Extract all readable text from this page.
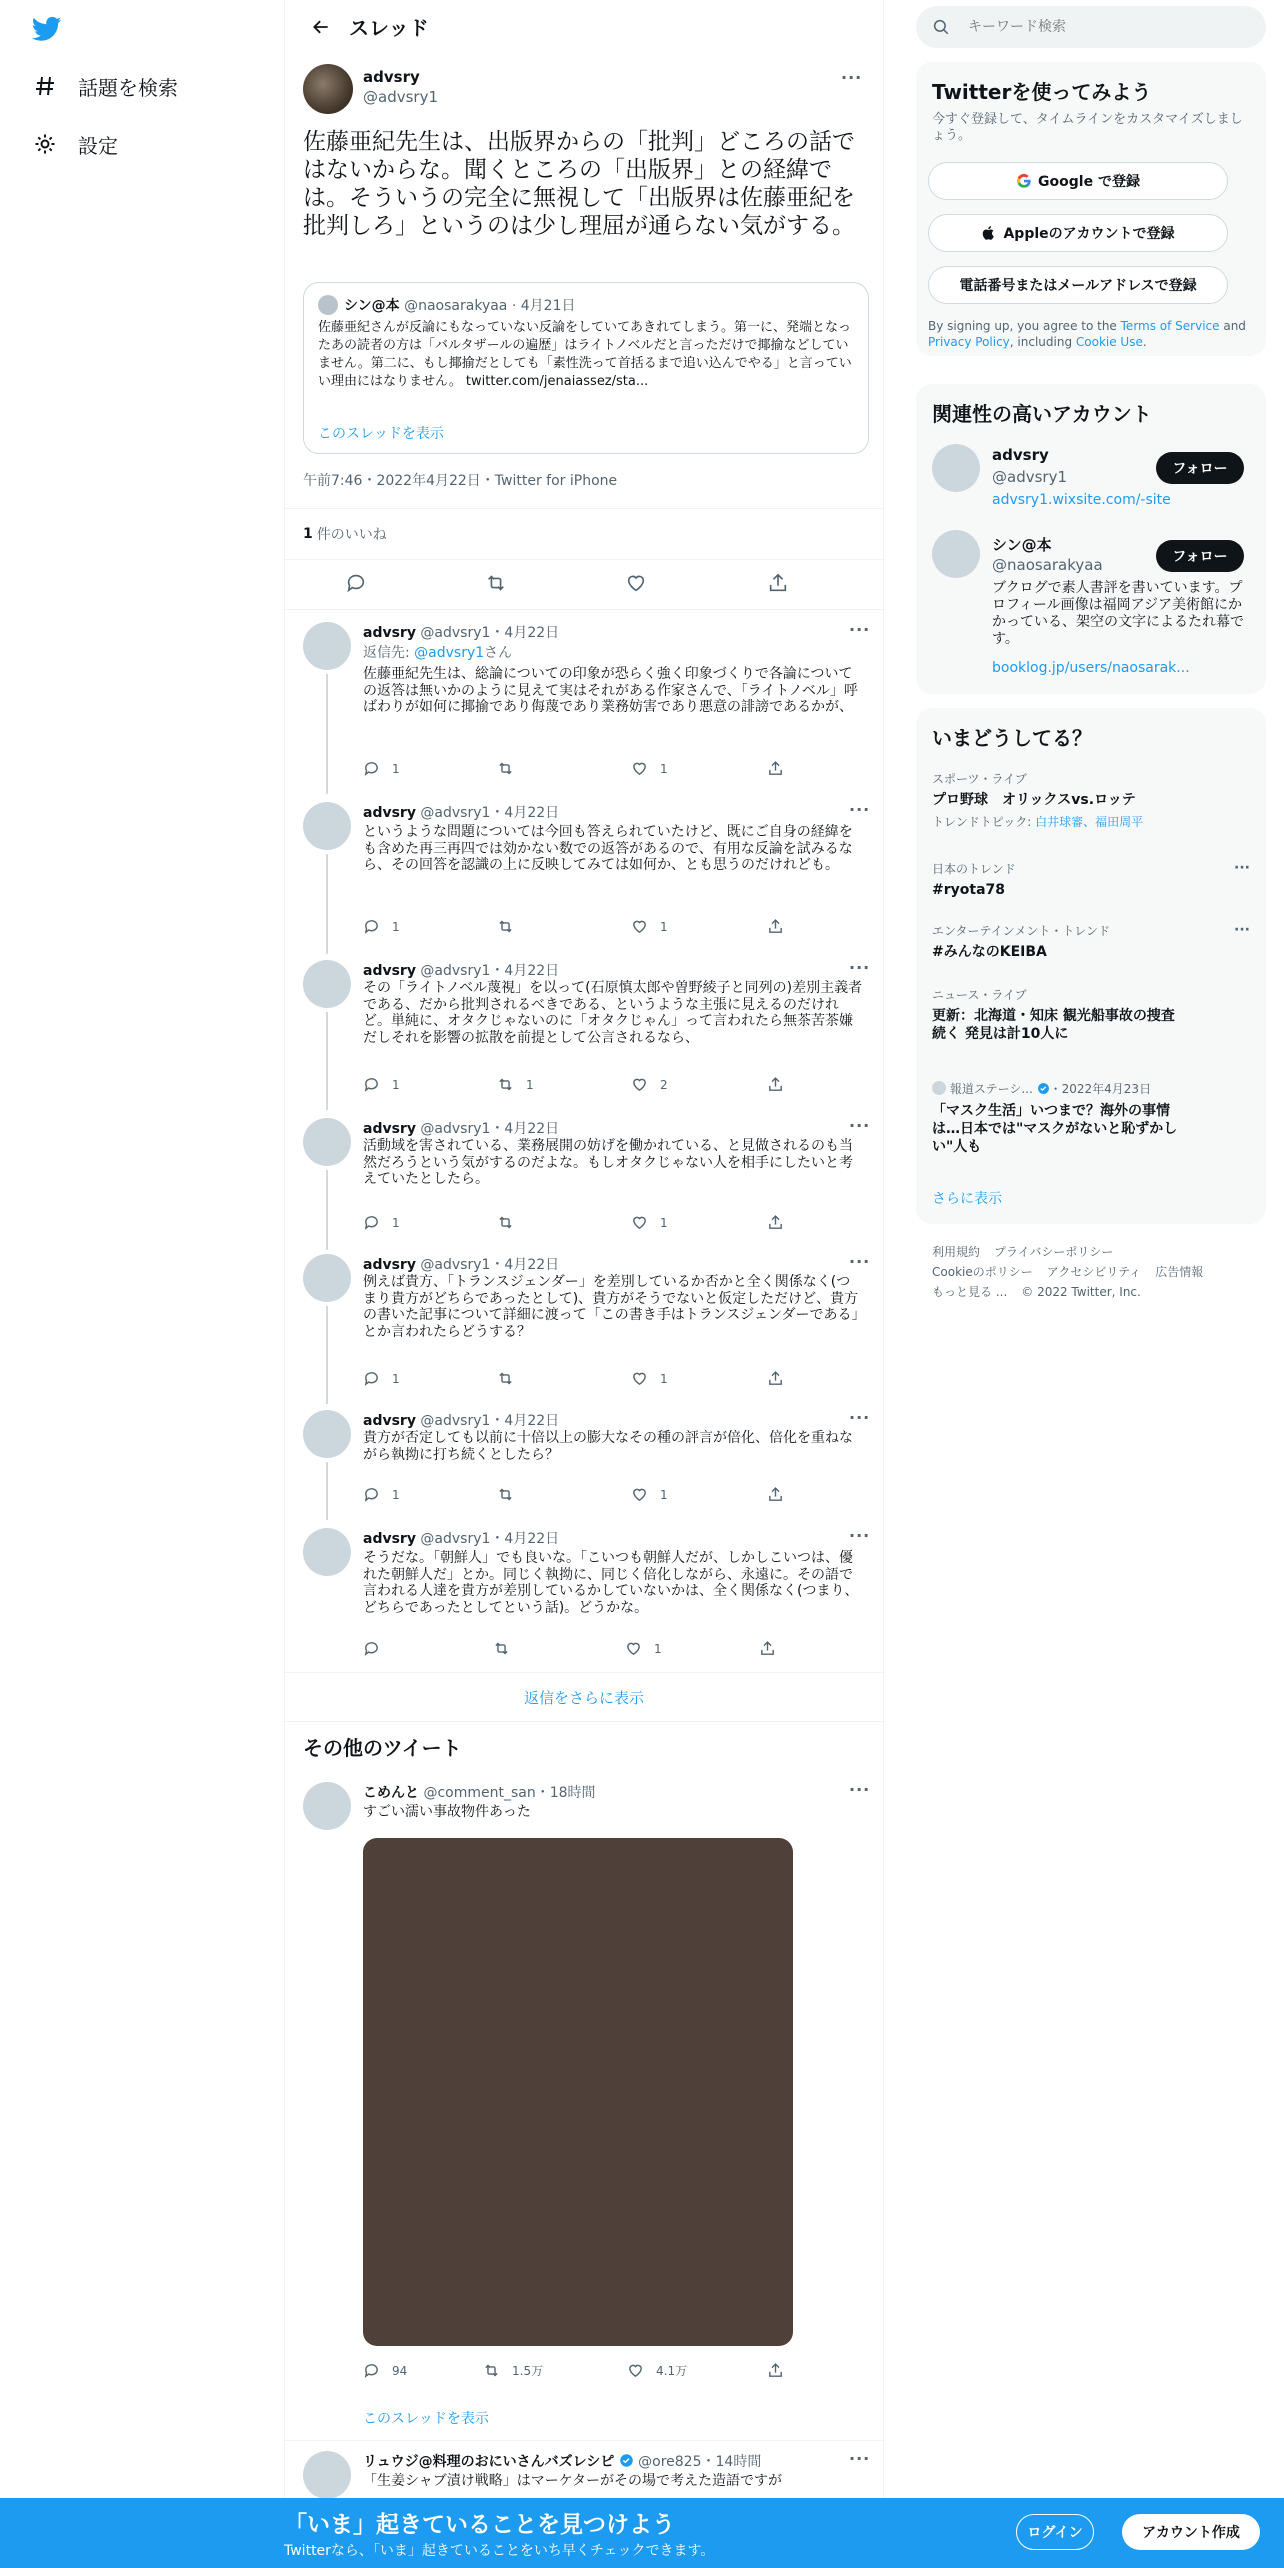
話題を検索
設定
スレッド
advsry
@advsry1
···
佐藤亜紀先生は、出版界からの「批判」どころの話ではないからな。聞くところの「出版界」との経緯では。そういうの完全に無視して「出版界は佐藤亜紀を批判しろ」というのは少し理屈が通らない気がする。
シン@本 @naosarakyaa · 4月21日
佐藤亜紀さんが反論にもなっていない反論をしていてあきれてしまう。第一に、発端となったあの読者の方は「バルタザールの遍歴」はライトノベルだと言っただけで揶揄などしていません。第二に、もし揶揄だとしても「素性洗って首括るまで追い込んでやる」と言っていい理由にはなりません。 twitter.com/jenaiassez/sta...
このスレッドを表示
午前7:46・2022年4月22日・Twitter for iPhone
1 件のいいね
advsry @advsry1・4月22日	···
返信先: @advsry1さん
佐藤亜紀先生は、総論についての印象が恐らく強く印象づくりで各論についての返答は無いかのように見えて実はそれがある作家さんで、「ライトノベル」呼ばわりが如何に揶揄であり侮蔑であり業務妨害であり悪意の誹謗であるかが、
1	1
advsry @advsry1・4月22日	···
というような問題については今回も答えられていたけど、既にご自身の経緯をも含めた再三再四では効かない数での返答があるので、有用な反論を試みるなら、その回答を認識の上に反映してみては如何か、とも思うのだけれども。
1	1
advsry @advsry1・4月22日	···
その「ライトノベル蔑視」を以って(石原慎太郎や曽野綾子と同列の)差別主義者である、だから批判されるべきである、というような主張に見えるのだけれど。単純に、オタクじゃないのに「オタクじゃん」って言われたら無茶苦茶嫌だしそれを影響の拡散を前提として公言されるなら、
1	1	2
advsry @advsry1・4月22日	···
活動域を害されている、業務展開の妨げを働かれている、と見做されるのも当然だろうという気がするのだよな。もしオタクじゃない人を相手にしたいと考えていたとしたら。
1	1
advsry @advsry1・4月22日	···
例えば貴方、「トランスジェンダー」を差別しているか否かと全く関係なく(つまり貴方がどちらであったとして)、貴方がそうでないと仮定しただけど、貴方の書いた記事について詳細に渡って「この書き手はトランスジェンダーである」とか言われたらどうする？
1	1
advsry @advsry1・4月22日	···
貴方が否定しても以前に十倍以上の膨大なその種の評言が倍化、倍化を重ねながら執拗に打ち続くとしたら？
1	1
advsry @advsry1・4月22日	···
そうだな。「朝鮮人」でも良いな。「こいつも朝鮮人だが、しかしこいつは、優れた朝鮮人だ」とか。同じく執拗に、同じく倍化しながら、永遠に。その語で言われる人達を貴方が差別しているかしていないかは、全く関係なく(つまり、どちらであったとしてという話)。どうかな。
1
返信をさらに表示
その他のツイート
こめんと @comment_san・18時間	···
すごい濡い事故物件あった
94	1.5万	4.1万
このスレッドを表示
リュウジ@料理のおにいさんバズレシピ @ore825・14時間	···
「生姜シャブ漬け戦略」はマーケターがその場で考えた造語ですが
キーワード検索
Twitterを使ってみよう
今すぐ登録して、タイムラインをカスタマイズしましょう。
Google で登録
Appleのアカウントで登録
電話番号またはメールアドレスで登録
By signing up, you agree to the Terms of Service and Privacy Policy, including Cookie Use.
関連性の高いアカウント
advsry
@advsry1
advsry1.wixsite.com/-site
フォロー
シン@本
@naosarakyaa
ブクログで素人書評を書いています。プロフィール画像は福岡アジア美術館にかかっている、架空の文字によるたれ幕です。
booklog.jp/users/naosarak...
フォロー
いまどうしてる？
スポーツ・ライブ
プロ野球　オリックスvs.ロッテ
トレンドトピック: 白井球審、福田周平
日本のトレンド
#ryota78
···
エンターテインメント・トレンド
#みんなのKEIBA
···
ニュース・ライブ
更新：北海道・知床 観光船事故の捜査続く 発見は計10人に
報道ステーシ... ・2022年4月23日
「マスク生活」いつまで？海外の事情は…日本では"マスクがないと恥ずかしい"人も
さらに表示
利用規約 プライバシーポリシー
Cookieのポリシー アクセシビリティ 広告情報
もっと見る ... © 2022 Twitter, Inc.
「いま」起きていることを見つけよう
Twitterなら、「いま」起きていることをいち早くチェックできます。
ログイン	アカウント作成
